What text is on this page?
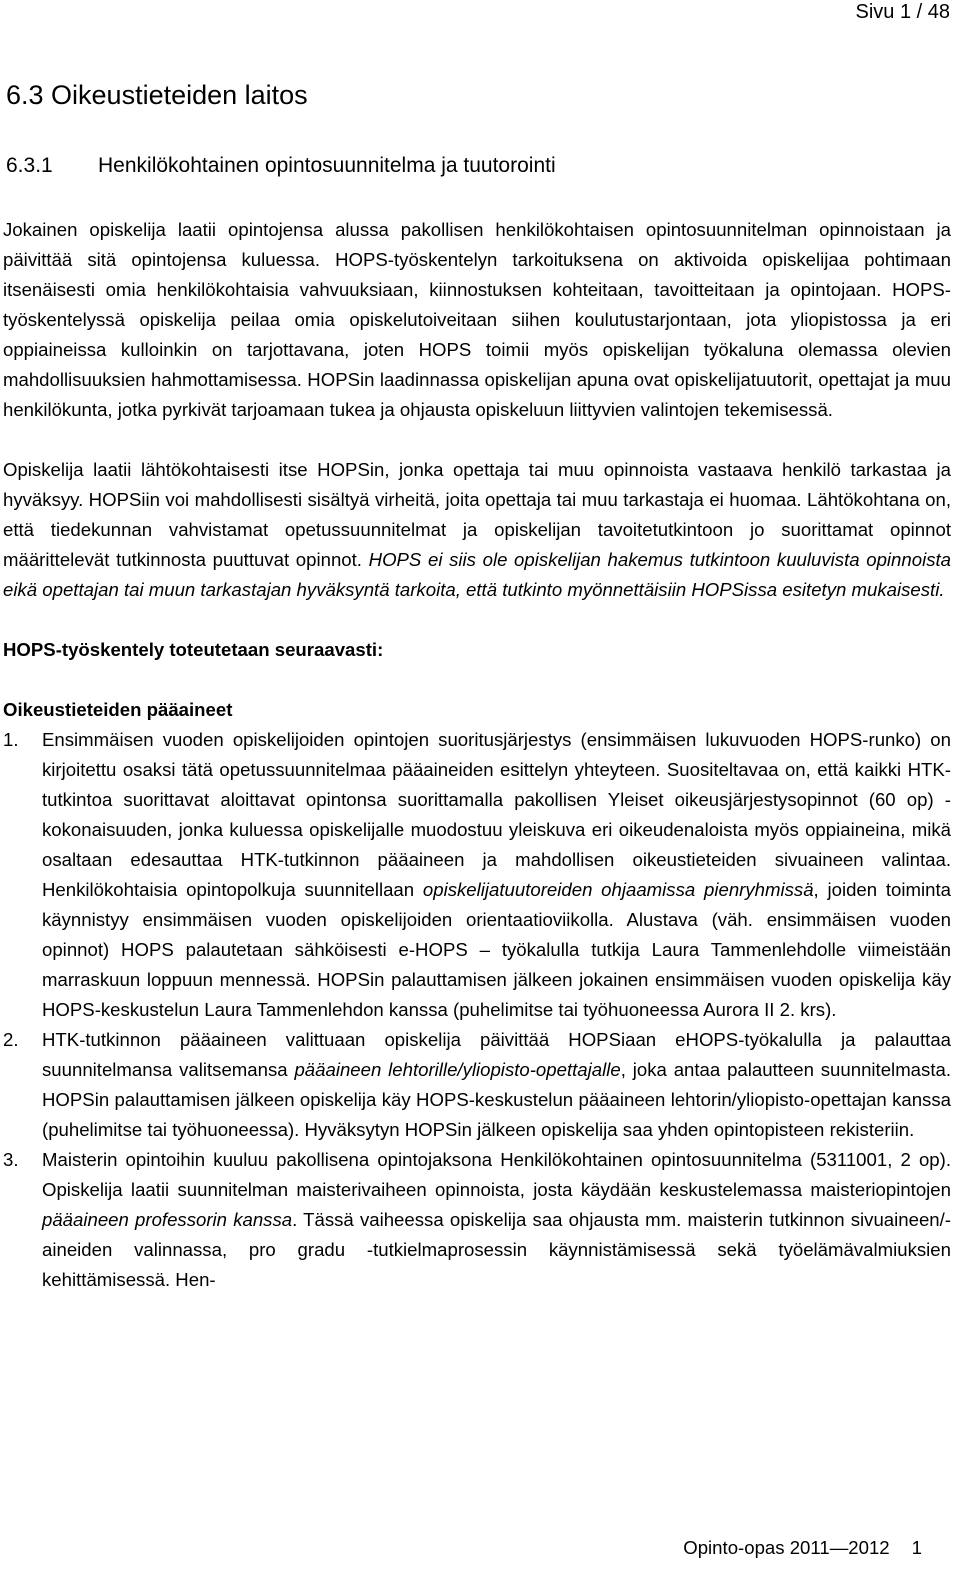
Sivu 1 / 48
6.3 Oikeustieteiden laitos
6.3.1	Henkilökohtainen opintosuunnitelma ja tuutorointi

Jokainen opiskelija laatii opintojensa alussa pakollisen henkilökohtaisen opintosuunnitelman opinnoistaan ja päivittää sitä opintojensa kuluessa. HOPS-työskentelyn tarkoituksena on aktivoida opiskelijaa pohtimaan itsenäisesti omia henkilökohtaisia vahvuuksiaan, kiinnostuksen kohteitaan, tavoitteitaan ja opintojaan. HOPS-työskentelyssä opiskelija peilaa omia opiskelutoiveitaan siihen koulutustarjontaan, jota yliopistossa ja eri oppiaineissa kulloinkin on tarjottavana, joten HOPS toimii myös opiskelijan työkaluna olemassa olevien mahdollisuuksien hahmottamisessa. HOPSin laadinnassa opiskelijan apuna ovat opiskelijatuutorit, opettajat ja muu henkilökunta, jotka pyrkivät tarjoamaan tukea ja ohjausta opiskeluun liittyvien valintojen tekemisessä.

Opiskelija laatii lähtökohtaisesti itse HOPSin, jonka opettaja tai muu opinnoista vastaava henkilö tarkastaa ja hyväksyy. HOPSiin voi mahdollisesti sisältyä virheitä, joita opettaja tai muu tarkastaja ei huomaa. Lähtökohtana on, että tiedekunnan vahvistamat opetussuunnitelmat ja opiskelijan tavoitetutkintoon jo suorittamat opinnot määrittelevät tutkinnosta puuttuvat opinnot. HOPS ei siis ole opiskelijan hakemus tutkintoon kuuluvista opinnoista eikä opettajan tai muun tarkastajan hyväksyntä tarkoita, että tutkinto myönnettäisiin HOPSissa esitetyn mukaisesti.

HOPS-työskentely toteutetaan seuraavasti:

Oikeustieteiden pääaineet

1.	Ensimmäisen vuoden opiskelijoiden opintojen suoritusjärjestys (ensimmäisen lukuvuoden HOPS-runko) on kirjoitettu osaksi tätä opetussuunnitelmaa pääaineiden esittelyn yhteyteen. Suositeltavaa on, että kaikki HTK-tutkintoa suorittavat aloittavat opintonsa suorittamalla pakollisen Yleiset oikeusjärjestysopinnot (60 op) -kokonaisuuden, jonka kuluessa opiskelijalle muodostuu yleiskuva eri oikeudenaloista myös oppiaineina, mikä osaltaan edesauttaa HTK-tutkinnon pääaineen ja mahdollisen oikeustieteiden sivuaineen valintaa. Henkilökohtaisia opintopolkuja suunnitellaan opiskelijatuutoreiden ohjaamissa pienryhmissä, joiden toiminta käynnistyy ensimmäisen vuoden opiskelijoiden orientaatioviikolla. Alustava (väh. ensimmäisen vuoden opinnot) HOPS palautetaan sähköisesti e-HOPS – työkalulla tutkija Laura Tammenlehdolle viimeistään marraskuun loppuun mennessä. HOPSin palauttamisen jälkeen jokainen ensimmäisen vuoden opiskelija käy HOPS-keskustelun Laura Tammenlehdon kanssa (puhelimitse tai työhuoneessa Aurora II 2. krs).
2.	HTK-tutkinnon pääaineen valittuaan opiskelija päivittää HOPSiaan eHOPS-työkalulla ja palauttaa suunnitelmansa valitsemansa pääaineen lehtorille/yliopisto-opettajalle, joka antaa palautteen suunnitelmasta. HOPSin palauttamisen jälkeen opiskelija käy HOPS-keskustelun pääaineen lehtorin/yliopisto-opettajan kanssa (puhelimitse tai työhuoneessa). Hyväksytyn HOPSin jälkeen opiskelija saa yhden opintopisteen rekisteriin.
3.	Maisterin opintoihin kuuluu pakollisena opintojaksona Henkilökohtainen opintosuunnitelma (5311001, 2 op). Opiskelija laatii suunnitelman maisterivaiheen opinnoista, josta käydään keskustelemassa maisteriopintojen pääaineen professorin kanssa. Tässä vaiheessa opiskelija saa ohjausta mm. maisterin tutkinnon sivuaineen/-aineiden valinnassa, pro gradu -tutkielmaprosessin käynnistämisessä sekä työelämävalmiuksien kehittämisessä. Hen-
Opinto-opas 2011—2012 1
